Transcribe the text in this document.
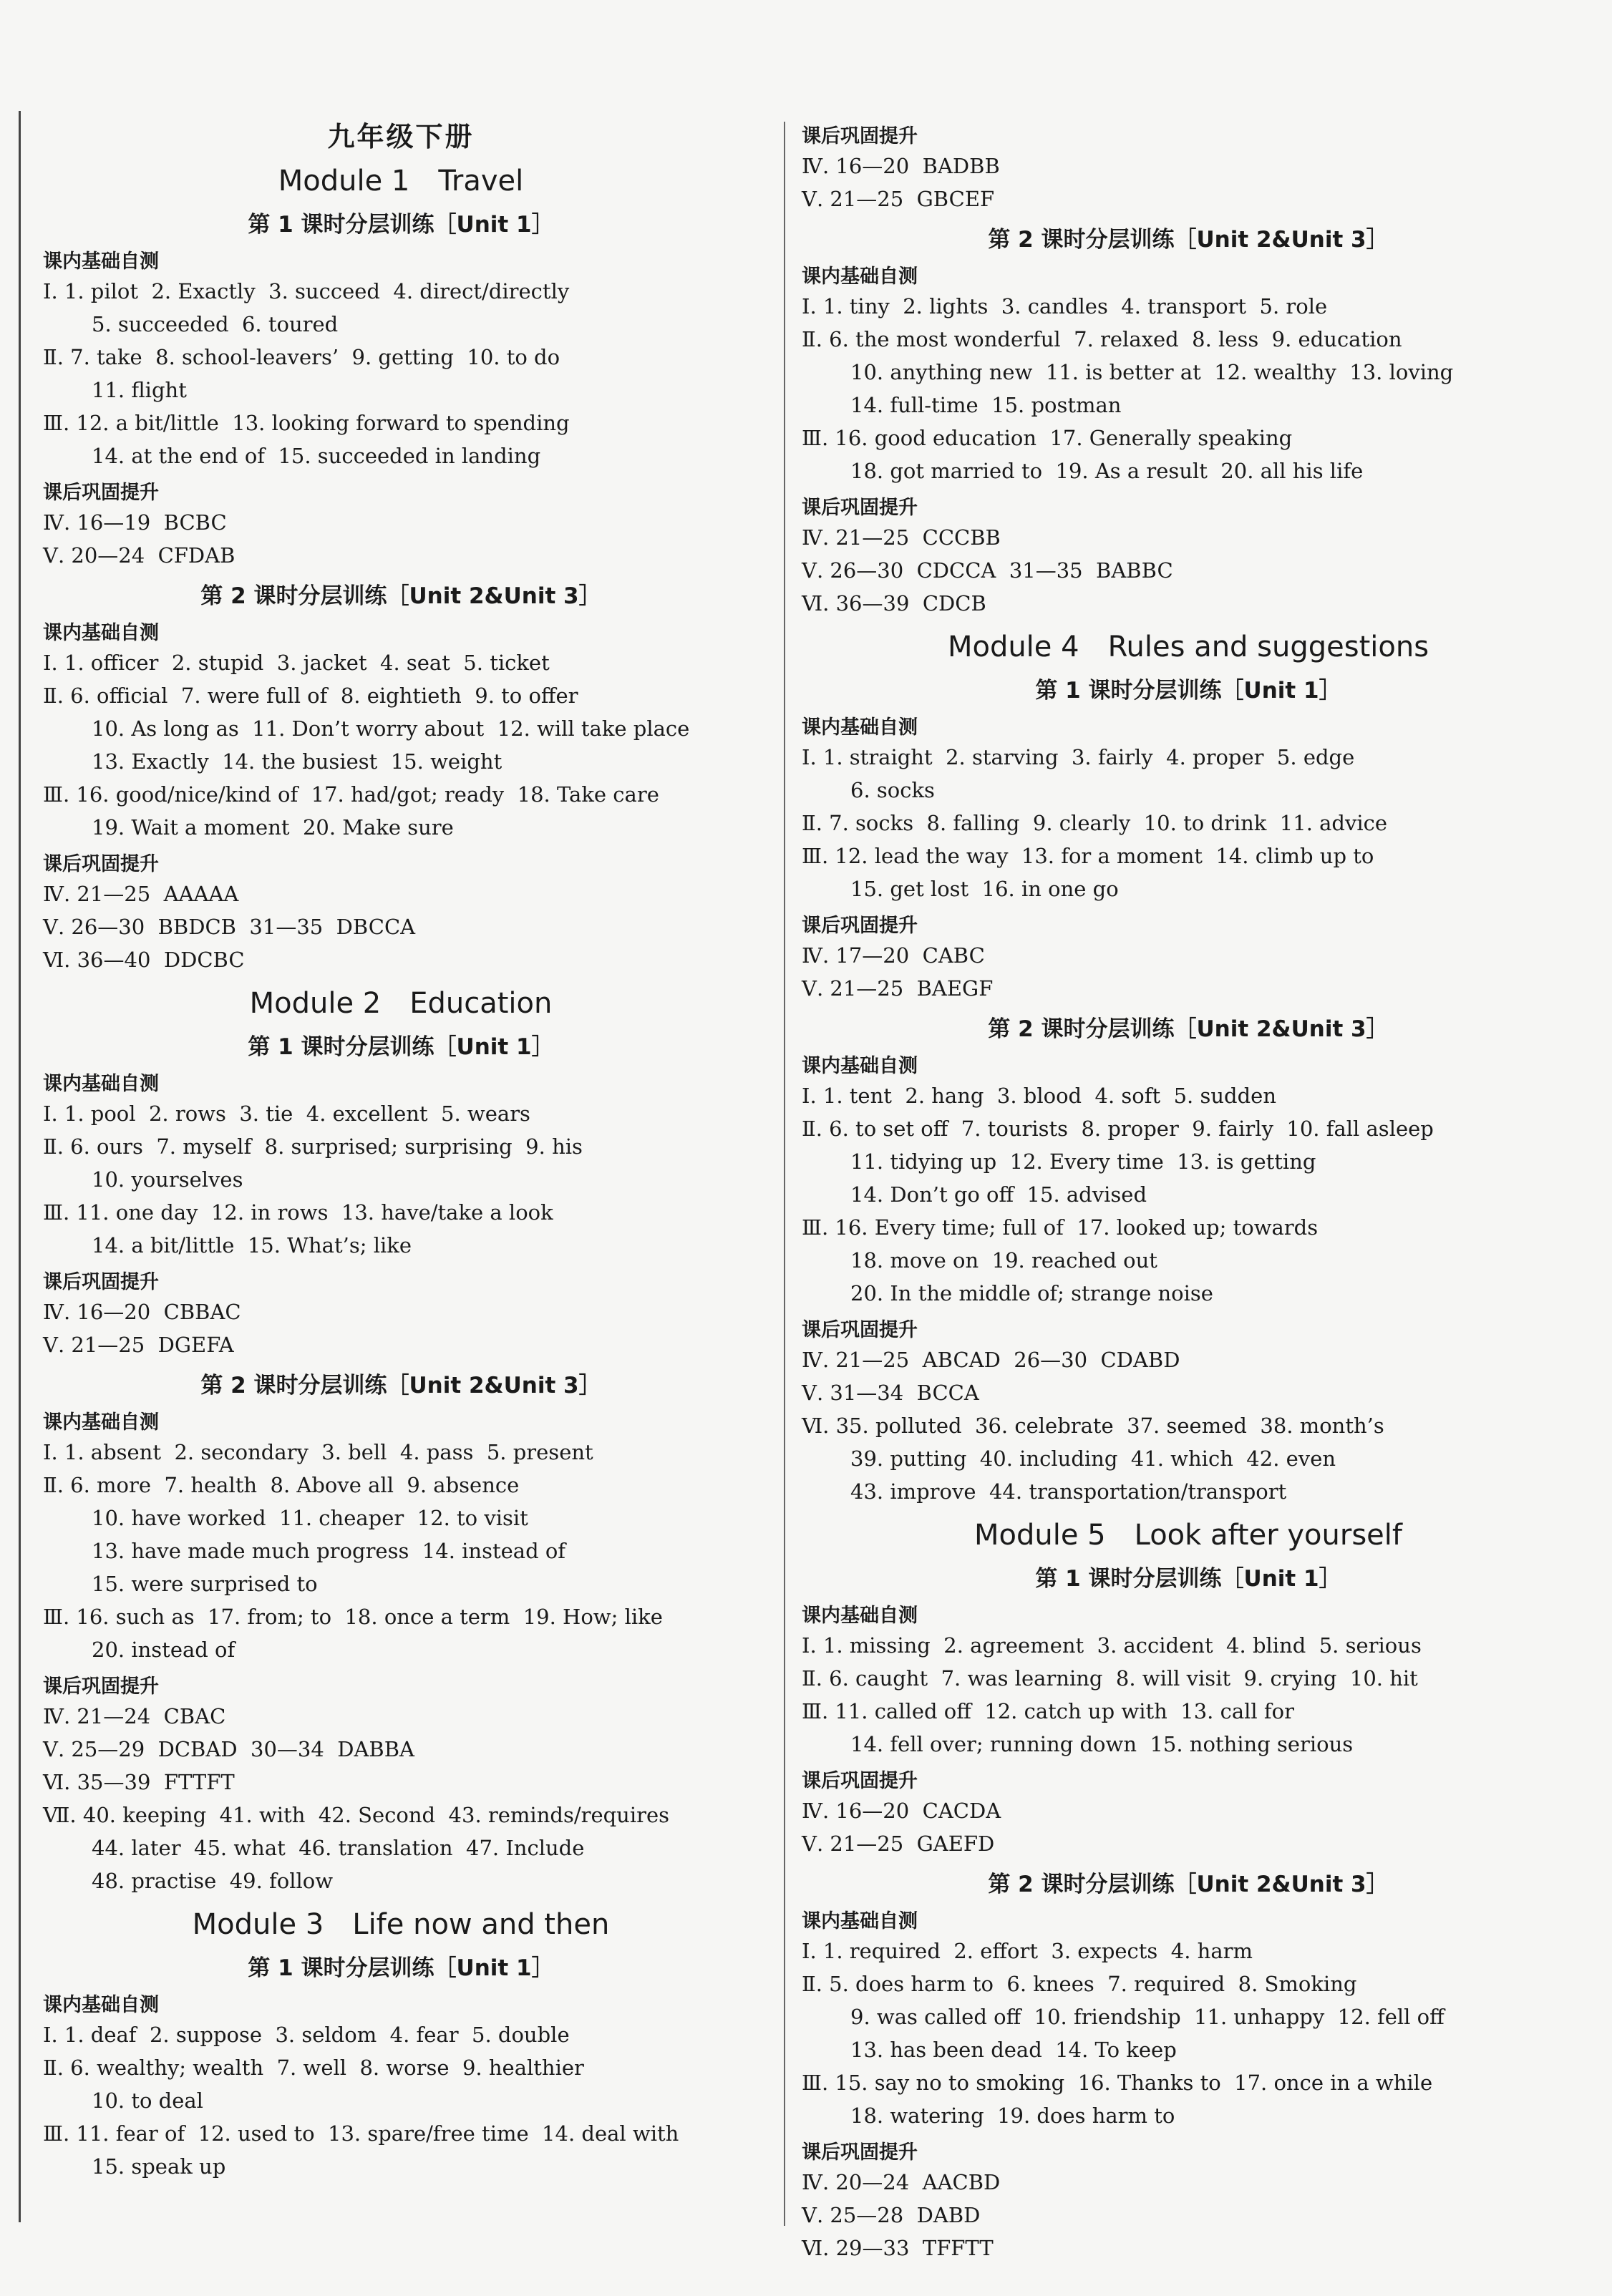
九年级下册
Module 1　Travel
第 1 课时分层训练［Unit 1］
课内基础自测
Ⅰ. 1. pilot  2. Exactly  3. succeed  4. direct/directly
5. succeeded  6. toured
Ⅱ. 7. take  8. school-leavers’  9. getting  10. to do
11. flight
Ⅲ. 12. a bit/little  13. looking forward to spending
14. at the end of  15. succeeded in landing
课后巩固提升
Ⅳ. 16—19  BCBC
Ⅴ. 20—24  CFDAB
第 2 课时分层训练［Unit 2&Unit 3］
课内基础自测
Ⅰ. 1. officer  2. stupid  3. jacket  4. seat  5. ticket
Ⅱ. 6. official  7. were full of  8. eightieth  9. to offer
10. As long as  11. Don’t worry about  12. will take place
13. Exactly  14. the busiest  15. weight
Ⅲ. 16. good/nice/kind of  17. had/got; ready  18. Take care
19. Wait a moment  20. Make sure
课后巩固提升
Ⅳ. 21—25  AAAAA
Ⅴ. 26—30  BBDCB  31—35  DBCCA
Ⅵ. 36—40  DDCBC
Module 2　Education
第 1 课时分层训练［Unit 1］
课内基础自测
Ⅰ. 1. pool  2. rows  3. tie  4. excellent  5. wears
Ⅱ. 6. ours  7. myself  8. surprised; surprising  9. his
10. yourselves
Ⅲ. 11. one day  12. in rows  13. have/take a look
14. a bit/little  15. What’s; like
课后巩固提升
Ⅳ. 16—20  CBBAC
Ⅴ. 21—25  DGEFA
第 2 课时分层训练［Unit 2&Unit 3］
课内基础自测
Ⅰ. 1. absent  2. secondary  3. bell  4. pass  5. present
Ⅱ. 6. more  7. health  8. Above all  9. absence
10. have worked  11. cheaper  12. to visit
13. have made much progress  14. instead of
15. were surprised to
Ⅲ. 16. such as  17. from; to  18. once a term  19. How; like
20. instead of
课后巩固提升
Ⅳ. 21—24  CBAC
Ⅴ. 25—29  DCBAD  30—34  DABBA
Ⅵ. 35—39  FTTFT
Ⅶ. 40. keeping  41. with  42. Second  43. reminds/requires
44. later  45. what  46. translation  47. Include
48. practise  49. follow
Module 3　Life now and then
第 1 课时分层训练［Unit 1］
课内基础自测
Ⅰ. 1. deaf  2. suppose  3. seldom  4. fear  5. double
Ⅱ. 6. wealthy; wealth  7. well  8. worse  9. healthier
10. to deal
Ⅲ. 11. fear of  12. used to  13. spare/free time  14. deal with
15. speak up
课后巩固提升
Ⅳ. 16—20  BADBB
Ⅴ. 21—25  GBCEF
第 2 课时分层训练［Unit 2&Unit 3］
课内基础自测
Ⅰ. 1. tiny  2. lights  3. candles  4. transport  5. role
Ⅱ. 6. the most wonderful  7. relaxed  8. less  9. education
10. anything new  11. is better at  12. wealthy  13. loving
14. full-time  15. postman
Ⅲ. 16. good education  17. Generally speaking
18. got married to  19. As a result  20. all his life
课后巩固提升
Ⅳ. 21—25  CCCBB
Ⅴ. 26—30  CDCCA  31—35  BABBC
Ⅵ. 36—39  CDCB
Module 4　Rules and suggestions
第 1 课时分层训练［Unit 1］
课内基础自测
Ⅰ. 1. straight  2. starving  3. fairly  4. proper  5. edge
6. socks
Ⅱ. 7. socks  8. falling  9. clearly  10. to drink  11. advice
Ⅲ. 12. lead the way  13. for a moment  14. climb up to
15. get lost  16. in one go
课后巩固提升
Ⅳ. 17—20  CABC
Ⅴ. 21—25  BAEGF
第 2 课时分层训练［Unit 2&Unit 3］
课内基础自测
Ⅰ. 1. tent  2. hang  3. blood  4. soft  5. sudden
Ⅱ. 6. to set off  7. tourists  8. proper  9. fairly  10. fall asleep
11. tidying up  12. Every time  13. is getting
14. Don’t go off  15. advised
Ⅲ. 16. Every time; full of  17. looked up; towards
18. move on  19. reached out
20. In the middle of; strange noise
课后巩固提升
Ⅳ. 21—25  ABCAD  26—30  CDABD
Ⅴ. 31—34  BCCA
Ⅵ. 35. polluted  36. celebrate  37. seemed  38. month’s
39. putting  40. including  41. which  42. even
43. improve  44. transportation/transport
Module 5　Look after yourself
第 1 课时分层训练［Unit 1］
课内基础自测
Ⅰ. 1. missing  2. agreement  3. accident  4. blind  5. serious
Ⅱ. 6. caught  7. was learning  8. will visit  9. crying  10. hit
Ⅲ. 11. called off  12. catch up with  13. call for
14. fell over; running down  15. nothing serious
课后巩固提升
Ⅳ. 16—20  CACDA
Ⅴ. 21—25  GAEFD
第 2 课时分层训练［Unit 2&Unit 3］
课内基础自测
Ⅰ. 1. required  2. effort  3. expects  4. harm
Ⅱ. 5. does harm to  6. knees  7. required  8. Smoking
9. was called off  10. friendship  11. unhappy  12. fell off
13. has been dead  14. To keep
Ⅲ. 15. say no to smoking  16. Thanks to  17. once in a while
18. watering  19. does harm to
课后巩固提升
Ⅳ. 20—24  AACBD
Ⅴ. 25—28  DABD
Ⅵ. 29—33  TFFTT
